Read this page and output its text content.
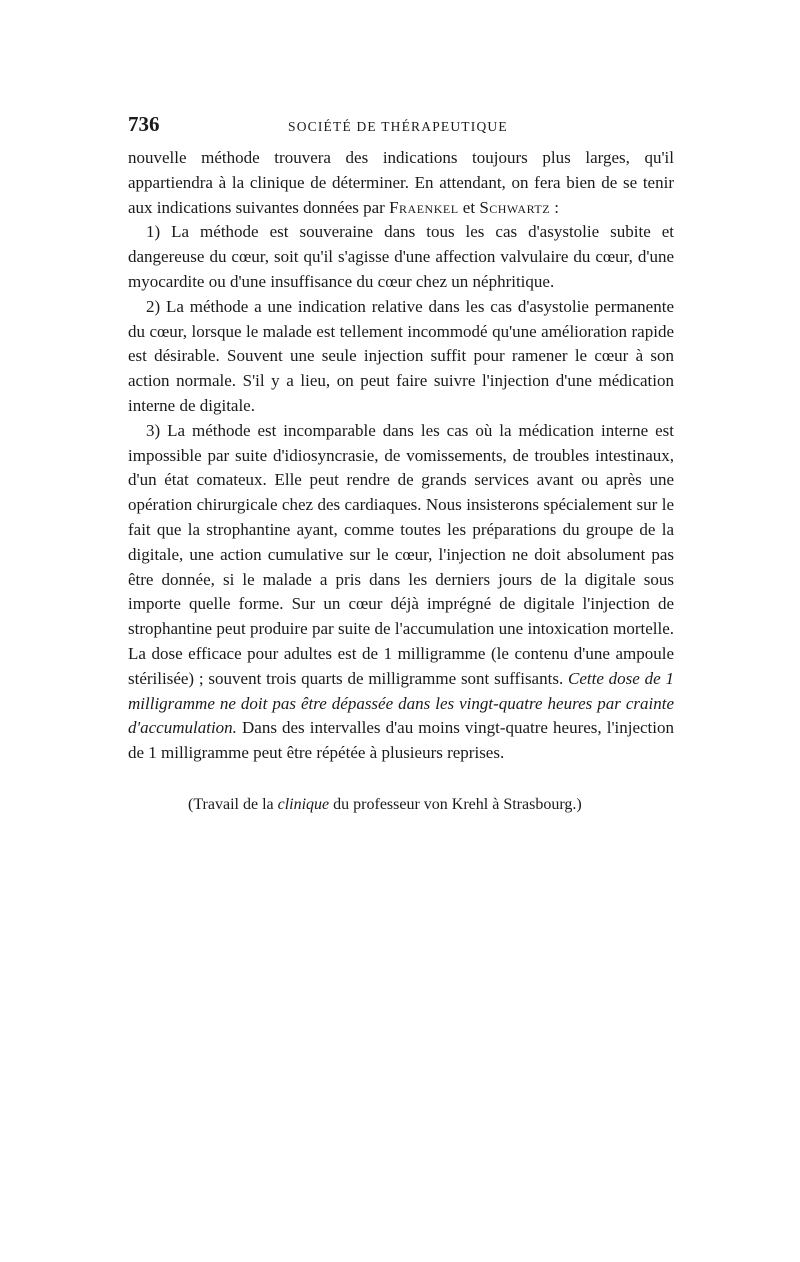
736	SOCIÉTÉ DE THÉRAPEUTIQUE

nouvelle méthode trouvera des indications toujours plus larges, qu'il appartiendra à la clinique de déterminer. En attendant, on fera bien de se tenir aux indications suivantes données par Fraenkel et Schwartz :

1) La méthode est souveraine dans tous les cas d'asystolie subite et dangereuse du cœur, soit qu'il s'agisse d'une affection valvulaire du cœur, d'une myocardite ou d'une insuffisance du cœur chez un néphritique.

2) La méthode a une indication relative dans les cas d'asystolie permanente du cœur, lorsque le malade est tellement incommodé qu'une amélioration rapide est désirable. Souvent une seule injection suffit pour ramener le cœur à son action normale. S'il y a lieu, on peut faire suivre l'injection d'une médication interne de digitale.

3) La méthode est incomparable dans les cas où la médication interne est impossible par suite d'idiosyncrasie, de vomissements, de troubles intestinaux, d'un état comateux. Elle peut rendre de grands services avant ou après une opération chirurgicale chez des cardiaques. Nous insisterons spécialement sur le fait que la strophantine ayant, comme toutes les préparations du groupe de la digitale, une action cumulative sur le cœur, l'injection ne doit absolument pas être donnée, si le malade a pris dans les derniers jours de la digitale sous importe quelle forme. Sur un cœur déjà imprégné de digitale l'injection de strophantine peut produire par suite de l'accumulation une intoxication mortelle. La dose efficace pour adultes est de 1 milligramme (le contenu d'une ampoule stérilisée) ; souvent trois quarts de milligramme sont suffisants. Cette dose de 1 milligramme ne doit pas être dépassée dans les vingt-quatre heures par crainte d'accumulation. Dans des intervalles d'au moins vingt-quatre heures, l'injection de 1 milligramme peut être répétée à plusieurs reprises.

(Travail de la clinique du professeur von Krehl à Strasbourg.)
